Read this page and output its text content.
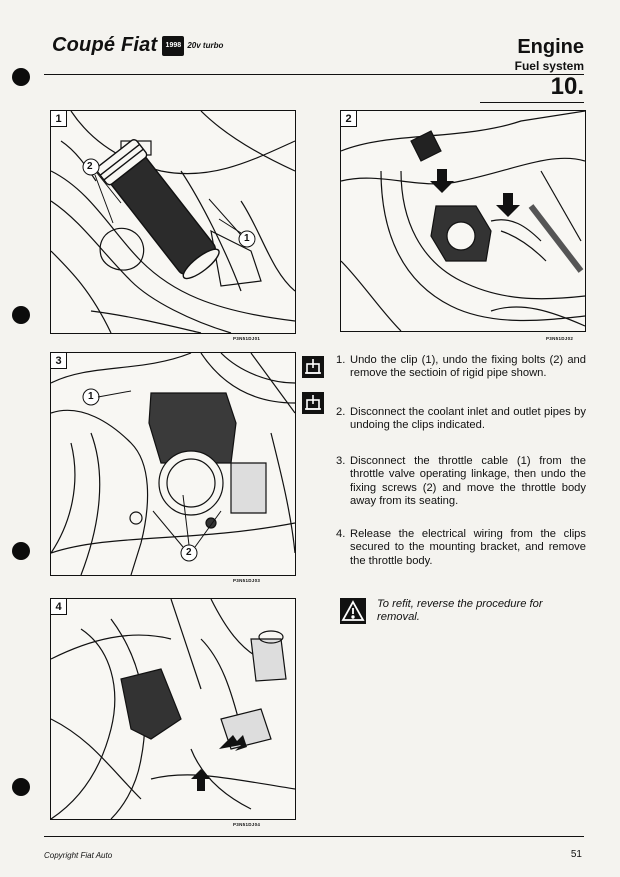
Coupé Fiat	1998 20v turbo	Engine
Fuel system
10.
1
2
1
P3N51DJ01
2
P3N51DJ02
3
1
2
P3N51DJ03
4
P3N51DJ04
1. Undo the clip (1), undo the fixing bolts (2) and remove the sectioin of rigid pipe shown.
2. Disconnect the coolant inlet and outlet pipes by undoing the clips indicated.
3. Disconnect the throttle cable (1) from the throttle valve operating linkage, then undo the fixing screws (2) and move the throttle body away from its seating.
4. Release the electrical wiring from the clips secured to the mounting bracket, and remove the throttle body.
To refit, reverse the procedure for removal.
Copyright Fiat Auto	51
